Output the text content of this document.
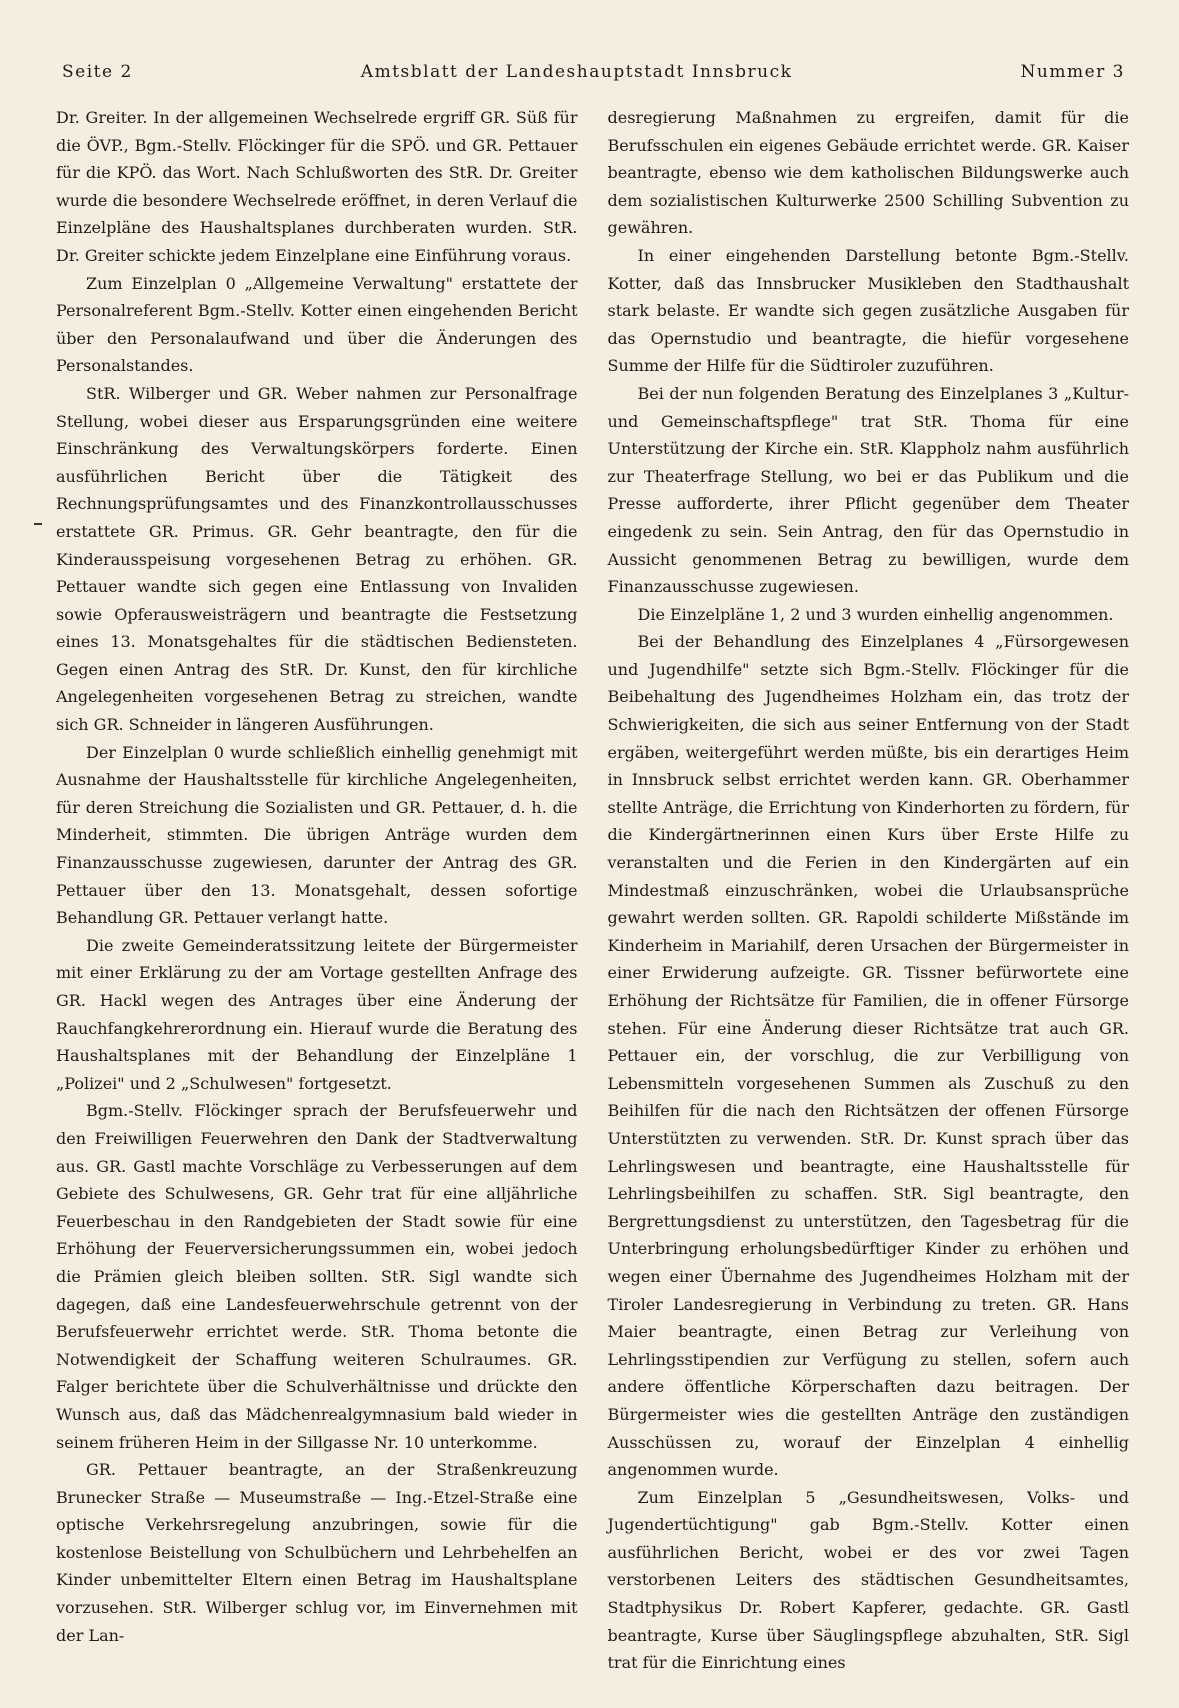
Seite 2	Amtsblatt der Landeshauptstadt Innsbruck	Nummer 3

Dr. Greiter. In der allgemeinen Wechselrede ergriff GR. Süß für die ÖVP., Bgm.-Stellv. Flöckinger für die SPÖ. und GR. Pettauer für die KPÖ. das Wort. Nach Schlußworten des StR. Dr. Greiter wurde die besondere Wechselrede eröffnet, in deren Verlauf die Einzelpläne des Haushaltsplanes durchberaten wurden. StR. Dr. Greiter schickte jedem Einzelplane eine Einführung voraus.

Zum Einzelplan 0 „Allgemeine Verwaltung" erstattete der Personalreferent Bgm.-Stellv. Kotter einen eingehenden Bericht über den Personalaufwand und über die Änderungen des Personalstandes.

StR. Wilberger und GR. Weber nahmen zur Personalfrage Stellung, wobei dieser aus Ersparungsgründen eine weitere Einschränkung des Verwaltungskörpers forderte. Einen ausführlichen Bericht über die Tätigkeit des Rechnungsprüfungsamtes und des Finanzkontrollausschusses erstattete GR. Primus. GR. Gehr beantragte, den für die Kinderausspeisung vorgesehenen Betrag zu erhöhen. GR. Pettauer wandte sich gegen eine Entlassung von Invaliden sowie Opferausweisträgern und beantragte die Festsetzung eines 13. Monatsgehaltes für die städtischen Bediensteten. Gegen einen Antrag des StR. Dr. Kunst, den für kirchliche Angelegenheiten vorgesehenen Betrag zu streichen, wandte sich GR. Schneider in längeren Ausführungen.

Der Einzelplan 0 wurde schließlich einhellig genehmigt mit Ausnahme der Haushaltsstelle für kirchliche Angelegenheiten, für deren Streichung die Sozialisten und GR. Pettauer, d. h. die Minderheit, stimmten. Die übrigen Anträge wurden dem Finanzausschusse zugewiesen, darunter der Antrag des GR. Pettauer über den 13. Monatsgehalt, dessen sofortige Behandlung GR. Pettauer verlangt hatte.

Die zweite Gemeinderatssitzung leitete der Bürgermeister mit einer Erklärung zu der am Vortage gestellten Anfrage des GR. Hackl wegen des Antrages über eine Änderung der Rauchfangkehrerordnung ein. Hierauf wurde die Beratung des Haushaltsplanes mit der Behandlung der Einzelpläne 1 „Polizei" und 2 „Schulwesen" fortgesetzt.

Bgm.-Stellv. Flöckinger sprach der Berufsfeuerwehr und den Freiwilligen Feuerwehren den Dank der Stadtverwaltung aus. GR. Gastl machte Vorschläge zu Verbesserungen auf dem Gebiete des Schulwesens, GR. Gehr trat für eine alljährliche Feuerbeschau in den Randgebieten der Stadt sowie für eine Erhöhung der Feuerversicherungssummen ein, wobei jedoch die Prämien gleich bleiben sollten. StR. Sigl wandte sich dagegen, daß eine Landesfeuerwehrschule getrennt von der Berufsfeuerwehr errichtet werde. StR. Thoma betonte die Notwendigkeit der Schaffung weiteren Schulraumes. GR. Falger berichtete über die Schulverhältnisse und drückte den Wunsch aus, daß das Mädchenrealgymnasium bald wieder in seinem früheren Heim in der Sillgasse Nr. 10 unterkomme.

GR. Pettauer beantragte, an der Straßenkreuzung Brunecker Straße — Museumstraße — Ing.-Etzel-Straße eine optische Verkehrsregelung anzubringen, sowie für die kostenlose Beistellung von Schulbüchern und Lehrbehelfen an Kinder unbemittelter Eltern einen Betrag im Haushaltsplane vorzusehen. StR. Wilberger schlug vor, im Einvernehmen mit der Lan-

desregierung Maßnahmen zu ergreifen, damit für die Berufsschulen ein eigenes Gebäude errichtet werde. GR. Kaiser beantragte, ebenso wie dem katholischen Bildungswerke auch dem sozialistischen Kulturwerke 2500 Schilling Subvention zu gewähren.

In einer eingehenden Darstellung betonte Bgm.-Stellv. Kotter, daß das Innsbrucker Musikleben den Stadthaushalt stark belaste. Er wandte sich gegen zusätzliche Ausgaben für das Opernstudio und beantragte, die hiefür vorgesehene Summe der Hilfe für die Südtiroler zuzuführen.

Bei der nun folgenden Beratung des Einzelplanes 3 „Kultur- und Gemeinschaftspflege" trat StR. Thoma für eine Unterstützung der Kirche ein. StR. Klappholz nahm ausführlich zur Theaterfrage Stellung, wo bei er das Publikum und die Presse aufforderte, ihrer Pflicht gegenüber dem Theater eingedenk zu sein. Sein Antrag, den für das Opernstudio in Aussicht genommenen Betrag zu bewilligen, wurde dem Finanzausschusse zugewiesen.

Die Einzelpläne 1, 2 und 3 wurden einhellig angenommen.

Bei der Behandlung des Einzelplanes 4 „Fürsorgewesen und Jugendhilfe" setzte sich Bgm.-Stellv. Flöckinger für die Beibehaltung des Jugendheimes Holzham ein, das trotz der Schwierigkeiten, die sich aus seiner Entfernung von der Stadt ergäben, weitergeführt werden müßte, bis ein derartiges Heim in Innsbruck selbst errichtet werden kann. GR. Oberhammer stellte Anträge, die Errichtung von Kinderhorten zu fördern, für die Kindergärtnerinnen einen Kurs über Erste Hilfe zu veranstalten und die Ferien in den Kindergärten auf ein Mindestmaß einzuschränken, wobei die Urlaubsansprüche gewahrt werden sollten. GR. Rapoldi schilderte Mißstände im Kinderheim in Mariahilf, deren Ursachen der Bürgermeister in einer Erwiderung aufzeigte. GR. Tissner befürwortete eine Erhöhung der Richtsätze für Familien, die in offener Fürsorge stehen. Für eine Änderung dieser Richtsätze trat auch GR. Pettauer ein, der vorschlug, die zur Verbilligung von Lebensmitteln vorgesehenen Summen als Zuschuß zu den Beihilfen für die nach den Richtsätzen der offenen Fürsorge Unterstützten zu verwenden. StR. Dr. Kunst sprach über das Lehrlingswesen und beantragte, eine Haushaltsstelle für Lehrlingsbeihilfen zu schaffen. StR. Sigl beantragte, den Bergrettungsdienst zu unterstützen, den Tagesbetrag für die Unterbringung erholungsbedürftiger Kinder zu erhöhen und wegen einer Übernahme des Jugendheimes Holzham mit der Tiroler Landesregierung in Verbindung zu treten. GR. Hans Maier beantragte, einen Betrag zur Verleihung von Lehrlingsstipendien zur Verfügung zu stellen, sofern auch andere öffentliche Körperschaften dazu beitragen. Der Bürgermeister wies die gestellten Anträge den zuständigen Ausschüssen zu, worauf der Einzelplan 4 einhellig angenommen wurde.

Zum Einzelplan 5 „Gesundheitswesen, Volks- und Jugendertüchtigung" gab Bgm.-Stellv. Kotter einen ausführlichen Bericht, wobei er des vor zwei Tagen verstorbenen Leiters des städtischen Gesundheitsamtes, Stadtphysikus Dr. Robert Kapferer, gedachte. GR. Gastl beantragte, Kurse über Säuglingspflege abzuhalten, StR. Sigl trat für die Einrichtung eines
